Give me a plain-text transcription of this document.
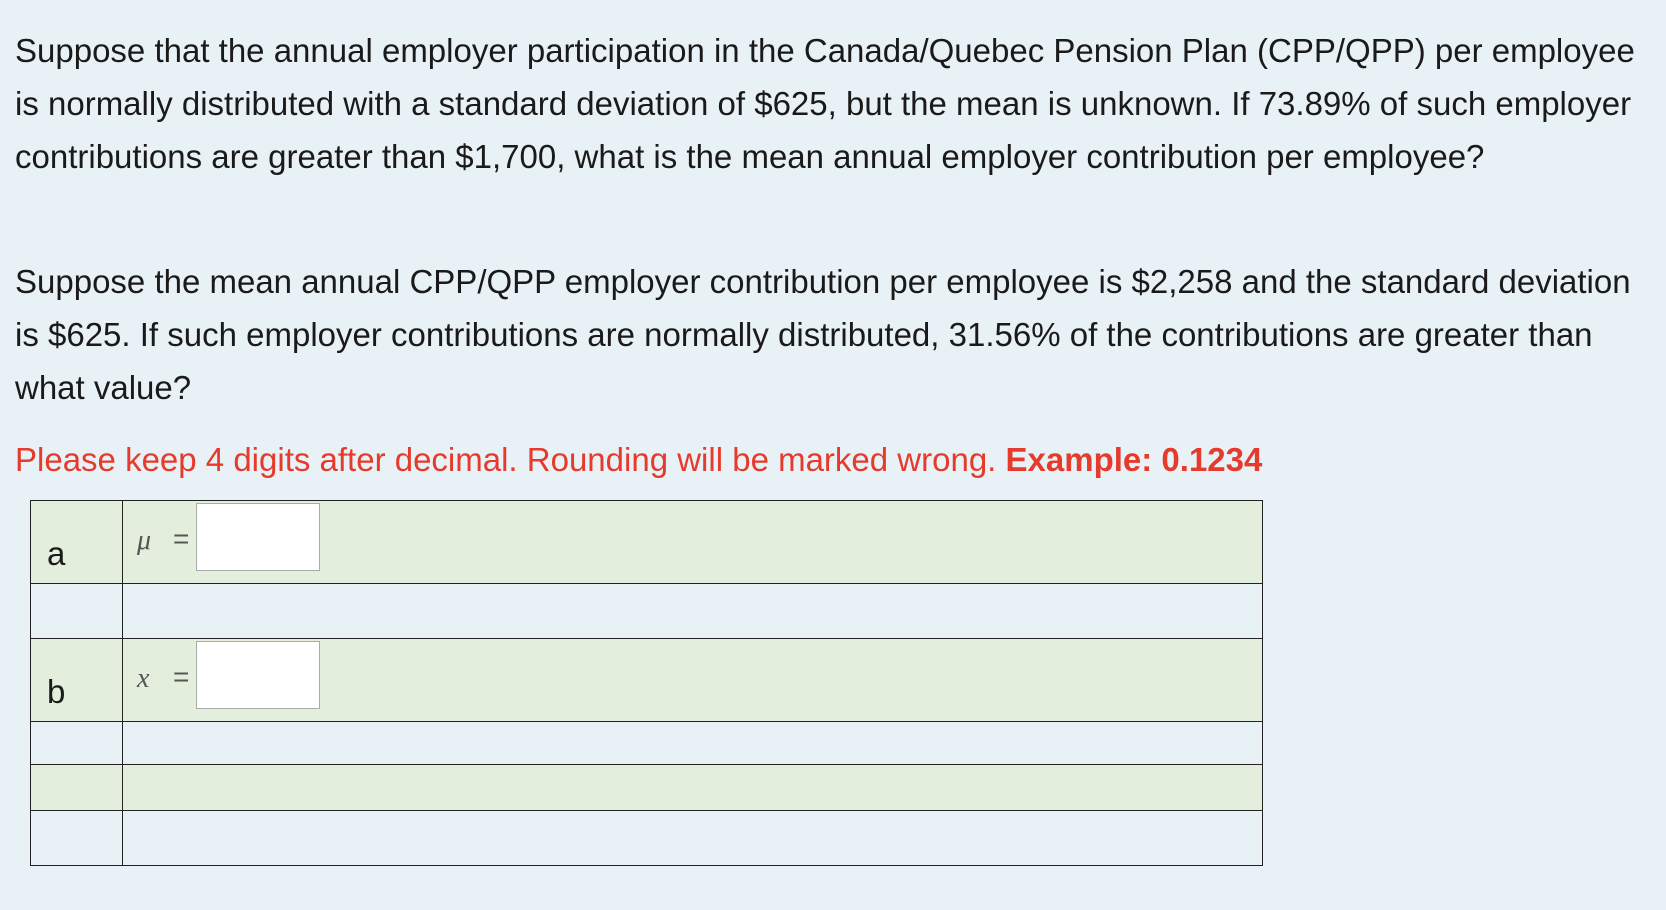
Suppose that the annual employer participation in the Canada/Quebec Pension Plan (CPP/QPP) per employee is normally distributed with a standard deviation of $625, but the mean is unknown. If 73.89% of such employer contributions are greater than $1,700, what is the mean annual employer contribution per employee?

Suppose the mean annual CPP/QPP employer contribution per employee is $2,258 and the standard deviation is $625. If such employer contributions are normally distributed, 31.56% of the contributions are greater than what value?

Please keep 4 digits after decimal. Rounding will be marked wrong. Example: 0.1234

a	μ =

b	x =
